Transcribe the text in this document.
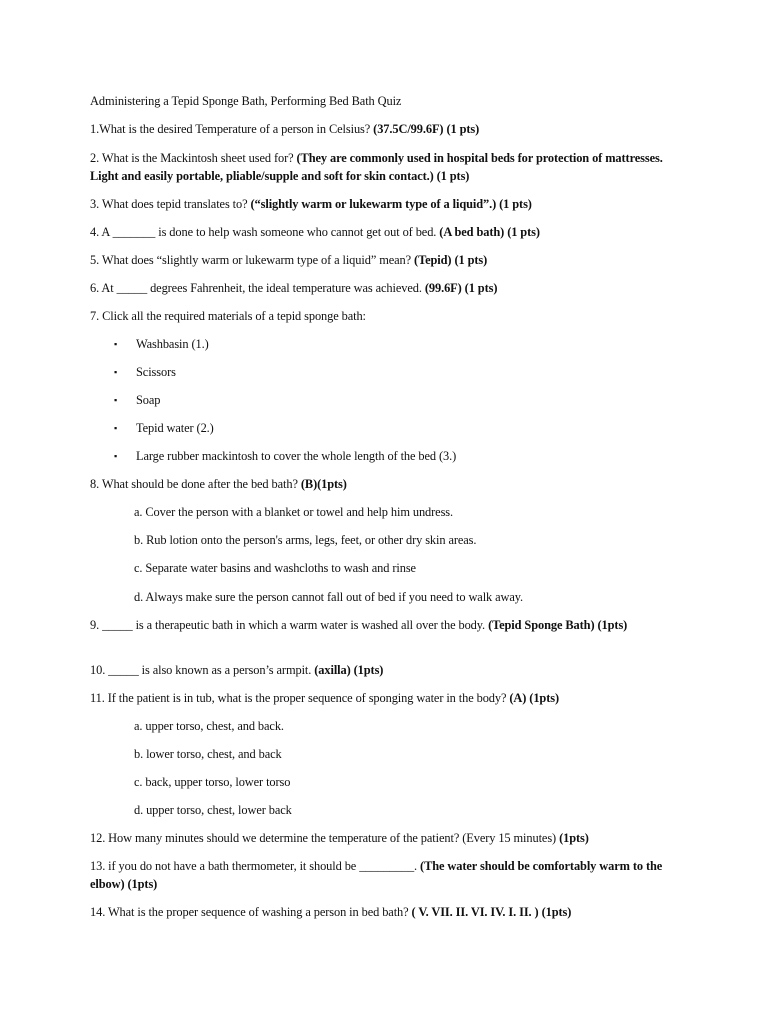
Administering a Tepid Sponge Bath, Performing Bed Bath Quiz
1.What is the desired Temperature of a person in Celsius? (37.5C/99.6F) (1 pts)
2. What is the Mackintosh sheet used for? (They are commonly used in hospital beds for protection of mattresses. Light and easily portable, pliable/supple and soft for skin contact.) (1 pts)
3. What does tepid translates to? (“slightly warm or lukewarm type of a liquid”.) (1 pts)
4. A _______ is done to help wash someone who cannot get out of bed. (A bed bath) (1 pts)
5. What does “slightly warm or lukewarm type of a liquid” mean? (Tepid) (1 pts)
6. At _____ degrees Fahrenheit, the ideal temperature was achieved. (99.6F) (1 pts)
7. Click all the required materials of a tepid sponge bath:
▪ Washbasin (1.)
▪ Scissors
▪ Soap
▪ Tepid water (2.)
▪ Large rubber mackintosh to cover the whole length of the bed (3.)
8. What should be done after the bed bath? (B)(1pts)
a. Cover the person with a blanket or towel and help him undress.
b. Rub lotion onto the person's arms, legs, feet, or other dry skin areas.
c. Separate water basins and washcloths to wash and rinse
d. Always make sure the person cannot fall out of bed if you need to walk away.
9. _____ is a therapeutic bath in which a warm water is washed all over the body. (Tepid Sponge Bath) (1pts)
10. _____ is also known as a person’s armpit. (axilla) (1pts)
11. If the patient is in tub, what is the proper sequence of sponging water in the body? (A) (1pts)
a. upper torso, chest, and back.
b. lower torso, chest, and back
c. back, upper torso, lower torso
d. upper torso, chest, lower back
12. How many minutes should we determine the temperature of the patient? (Every 15 minutes) (1pts)
13. if you do not have a bath thermometer, it should be _________. (The water should be comfortably warm to the elbow) (1pts)
14. What is the proper sequence of washing a person in bed bath? ( V. VII. II. VI. IV. I. II. ) (1pts)
